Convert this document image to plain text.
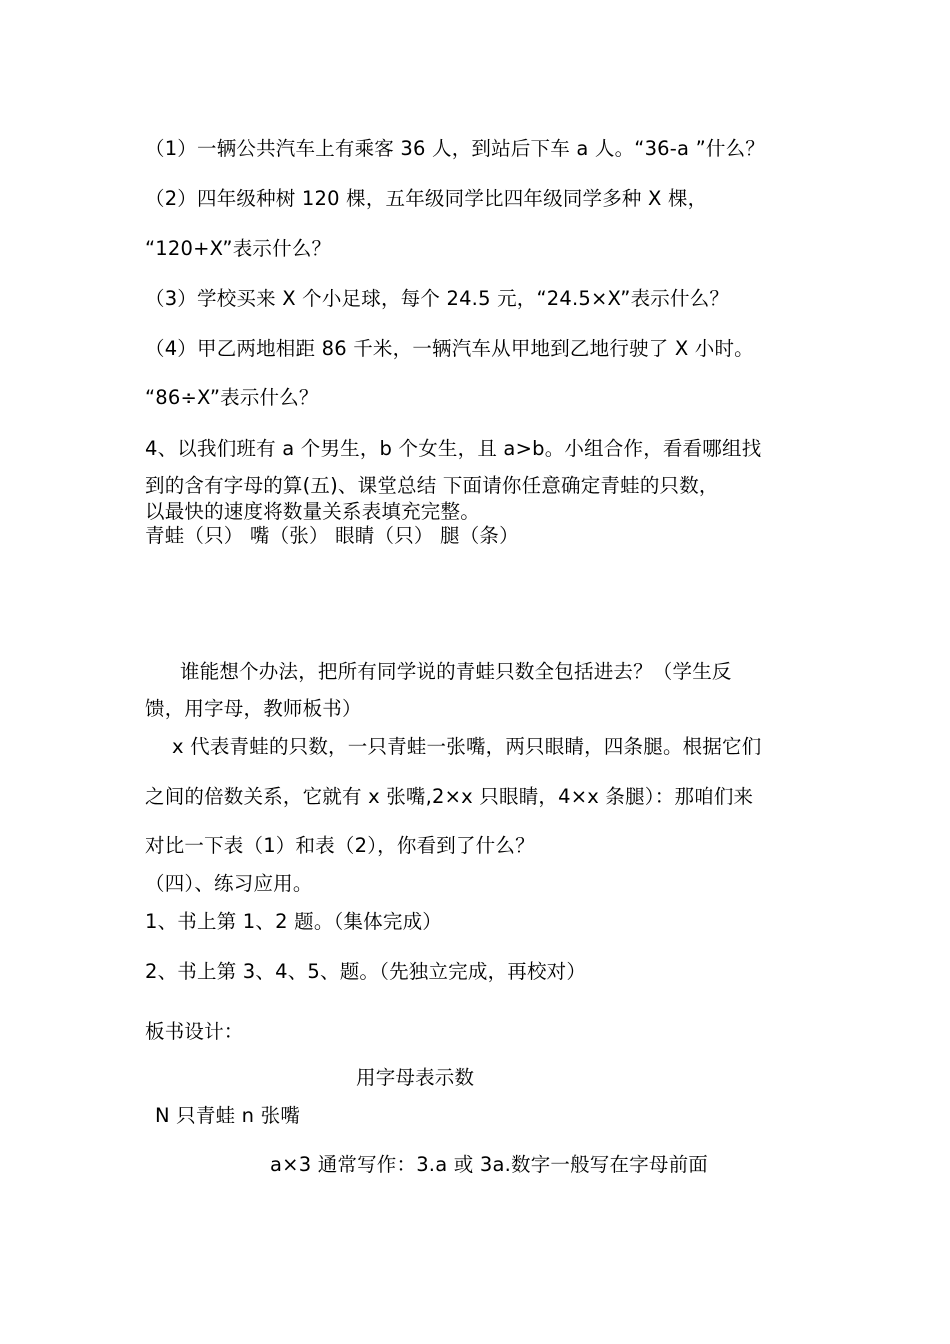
（1）一辆公共汽车上有乘客 36 人，到站后下车 a 人。“36-a ”什么？
（2）四年级种树 120 棵，五年级同学比四年级同学多种 X 棵，
“120+X”表示什么？
（3）学校买来 X 个小足球，每个 24.5 元，“24.5×X”表示什么？
（4）甲乙两地相距 86 千米，一辆汽车从甲地到乙地行驶了 X 小时。
“86÷X”表示什么？
4、以我们班有 a 个男生，b 个女生，且 a>b。小组合作，看看哪组找
到的含有字母的算(五)、课堂总结 下面请你任意确定青蛙的只数，
以最快的速度将数量关系表填充完整。
青蛙（只） 嘴（张） 眼睛（只） 腿（条）
谁能想个办法，把所有同学说的青蛙只数全包括进去？（学生反
馈，用字母，教师板书）
x 代表青蛙的只数，一只青蛙一张嘴，两只眼睛，四条腿。根据它们
之间的倍数关系，它就有 x 张嘴,2×x 只眼睛，4×x 条腿）：那咱们来
对比一下表（1）和表（2），你看到了什么？
（四）、练习应用。
1、书上第 1、2 题。（集体完成）
2、书上第 3、4、5、题。（先独立完成，再校对）
板书设计：
用字母表示数
N 只青蛙 n 张嘴
a×3 通常写作：3.a 或 3a.数字一般写在字母前面
